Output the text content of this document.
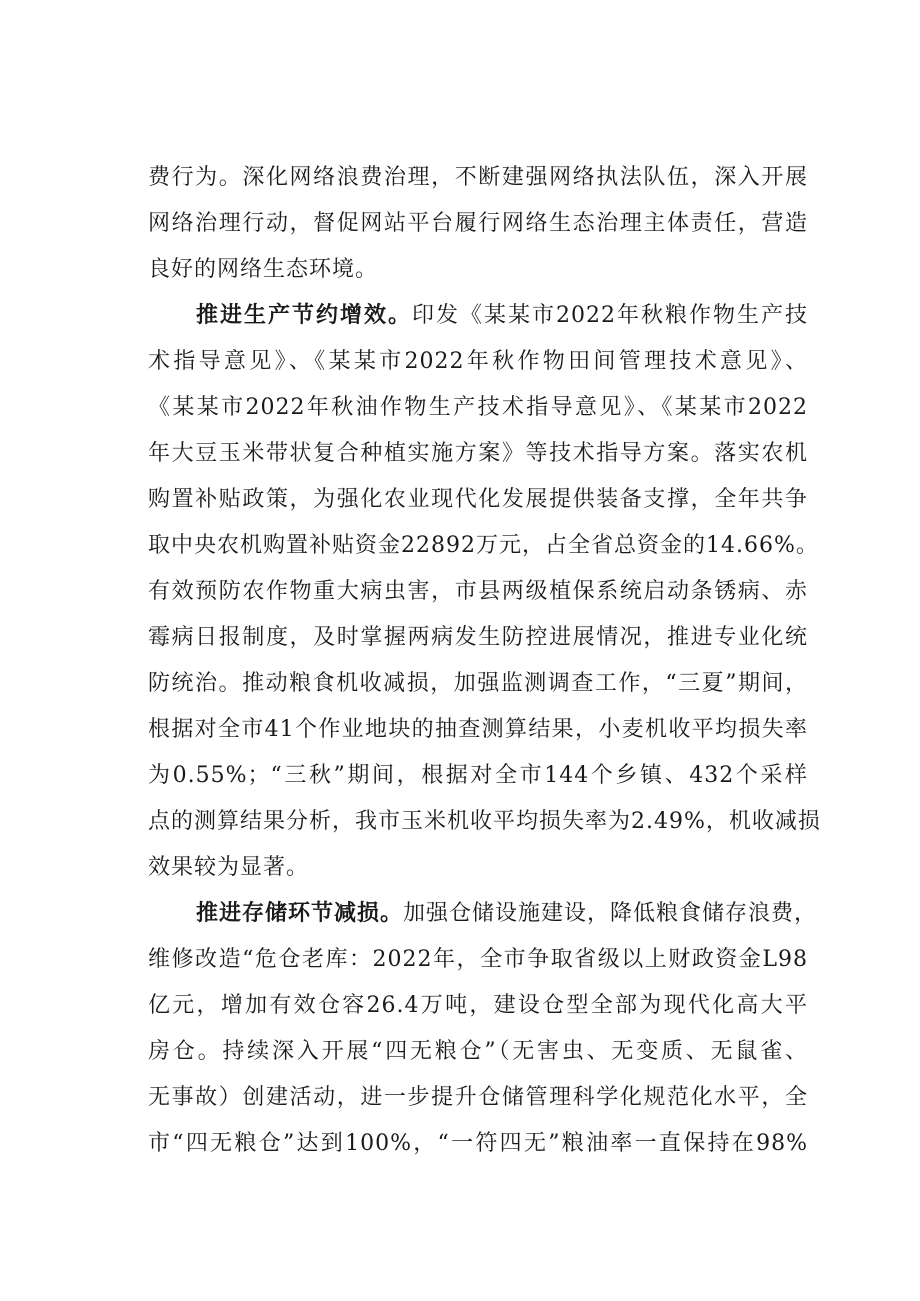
费行为。深化网络浪费治理，不断建强网络执法队伍，深入开展
网络治理行动，督促网站平台履行网络生态治理主体责任，营造
良好的网络生态环境。
推进生产节约增效。印发《某某市2022年秋粮作物生产技
术指导意见》、《某某市2022年秋作物田间管理技术意见》、
《某某市2022年秋油作物生产技术指导意见》、《某某市2022
年大豆玉米带状复合种植实施方案》等技术指导方案。落实农机
购置补贴政策，为强化农业现代化发展提供装备支撑，全年共争
取中央农机购置补贴资金22892万元，占全省总资金的14.66%。
有效预防农作物重大病虫害，市县两级植保系统启动条锈病、赤
霉病日报制度，及时掌握两病发生防控进展情况，推进专业化统
防统治。推动粮食机收减损，加强监测调查工作，“三夏”期间，
根据对全市41个作业地块的抽查测算结果，小麦机收平均损失率
为0.55%；“三秋”期间，根据对全市144个乡镇、432个采样
点的测算结果分析，我市玉米机收平均损失率为2.49%，机收减损
效果较为显著。
推进存储环节减损。加强仓储设施建设，降低粮食储存浪费，
维修改造“危仓老库：2022年，全市争取省级以上财政资金L98
亿元，增加有效仓容26.4万吨，建设仓型全部为现代化高大平
房仓。持续深入开展“四无粮仓”（无害虫、无变质、无鼠雀、
无事故）创建活动，进一步提升仓储管理科学化规范化水平，全
市“四无粮仓”达到100%，“一符四无”粮油率一直保持在98%
